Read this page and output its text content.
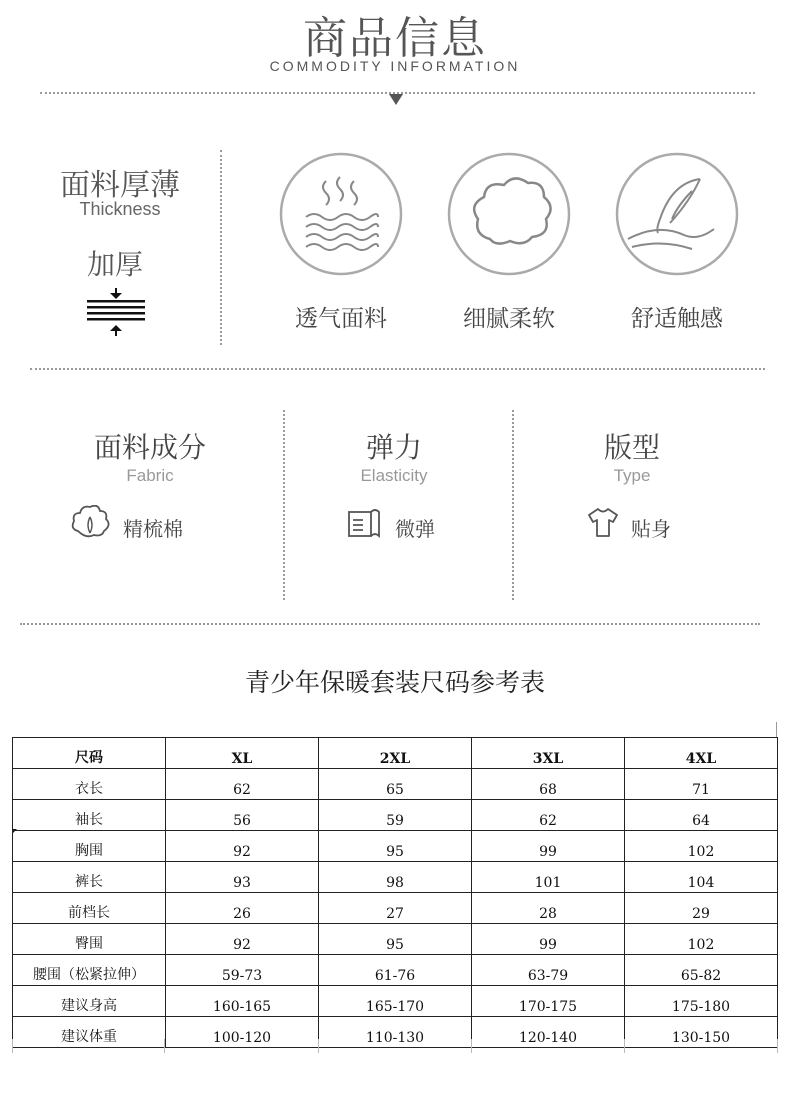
商品信息
COMMODITY INFORMATION
面料厚薄
Thickness
加厚
透气面料	细腻柔软	舒适触感
面料成分
Fabric
精梳棉
弹力
Elasticity
微弹
版型
Type
贴身
青少年保暖套装尺码参考表
尺码	XL	2XL	3XL	4XL
衣长	62	65	68	71
袖长	56	59	62	64
胸围	92	95	99	102
裤长	93	98	101	104
前档长	26	27	28	29
臀围	92	95	99	102
腰围（松紧拉伸）	59-73	61-76	63-79	65-82
建议身高	160-165	165-170	170-175	175-180
建议体重	100-120	110-130	120-140	130-150
